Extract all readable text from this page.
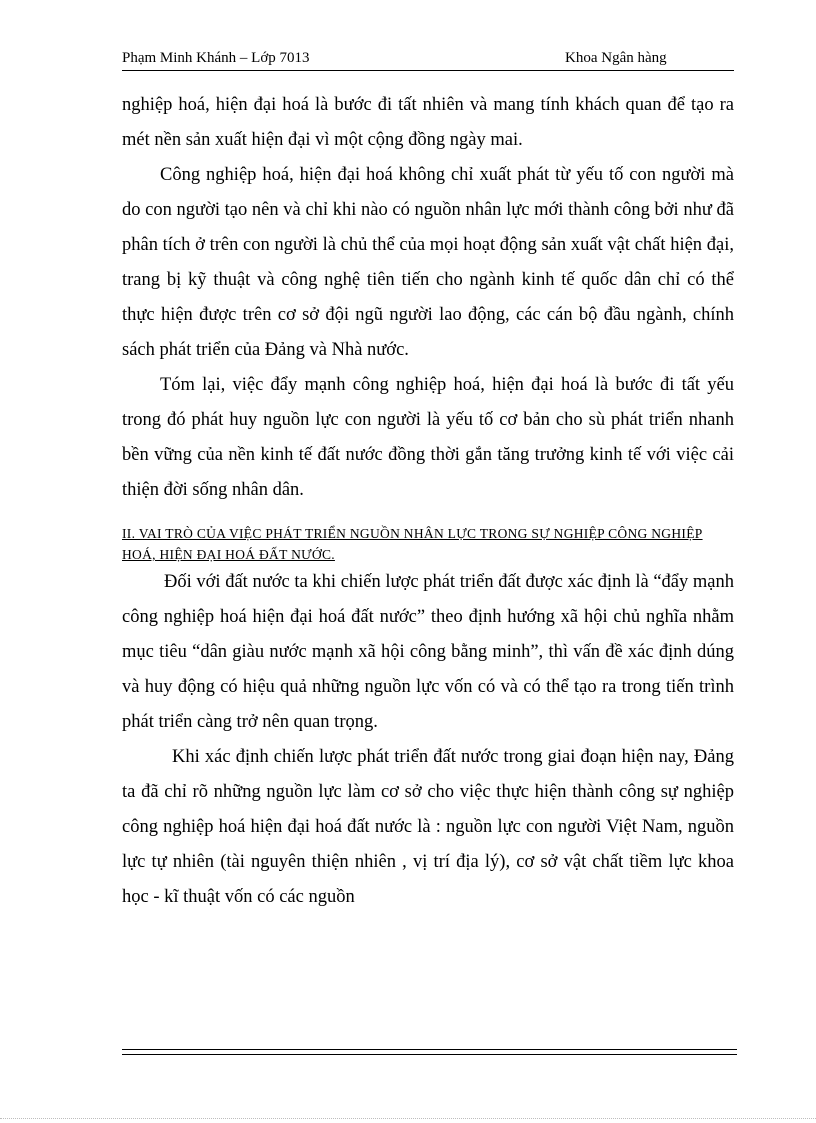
Phạm Minh Khánh – Lớp 7013	Khoa Ngân hàng

nghiệp hoá, hiện đại hoá là bước đi tất nhiên và mang tính khách quan để tạo ra mét nền sản xuất hiện đại vì một cộng đồng ngày mai.

Công nghiệp hoá, hiện đại hoá không chỉ xuất phát từ yếu tố con người mà do con người tạo nên và chỉ khi nào có nguồn nhân lực mới thành công bởi như đã phân tích ở trên con người là chủ thể của mọi hoạt động sản xuất vật chất hiện đại, trang bị kỹ thuật và công nghệ tiên tiến cho ngành kinh tế quốc dân chỉ có thể thực hiện được trên cơ sở đội ngũ người lao động, các cán bộ đầu ngành, chính sách phát triển của Đảng và Nhà nước.

Tóm lại, việc đẩy mạnh công nghiệp hoá, hiện đại hoá là bước đi tất yếu trong đó phát huy nguồn lực con người là yếu tố cơ bản cho sù phát triển nhanh bền vững của nền kinh tế đất nước đồng thời gắn tăng trưởng kinh tế với việc cải thiện đời sống nhân dân.

II. VAI TRÒ CỦA VIỆC PHÁT TRIỂN NGUỒN NHÂN LỰC TRONG SỰ NGHIỆP CÔNG NGHIỆP HOÁ, HIỆN ĐẠI HOÁ ĐẤT NƯỚC.

Đối với đất nước ta khi chiến lược phát triển đất được xác định là “đẩy mạnh công nghiệp hoá hiện đại hoá đất nước” theo định hướng xã hội chủ nghĩa nhằm mục tiêu “dân giàu nước mạnh xã hội công bằng minh”, thì vấn đề xác định dúng và huy động có hiệu quả những nguồn lực vốn có và có thể tạo ra trong tiến trình phát triển càng trở nên quan trọng.

Khi xác định chiến lược phát triển đất nước trong giai đoạn hiện nay, Đảng ta đã chỉ rõ những nguồn lực làm cơ sở cho việc thực hiện thành công sự nghiệp công nghiệp hoá hiện đại hoá đất nước là : nguồn lực con người Việt Nam, nguồn lực tự nhiên (tài nguyên thiện nhiên , vị trí địa lý), cơ sở vật chất tiềm lực khoa học - kĩ thuật vốn có các nguồn
